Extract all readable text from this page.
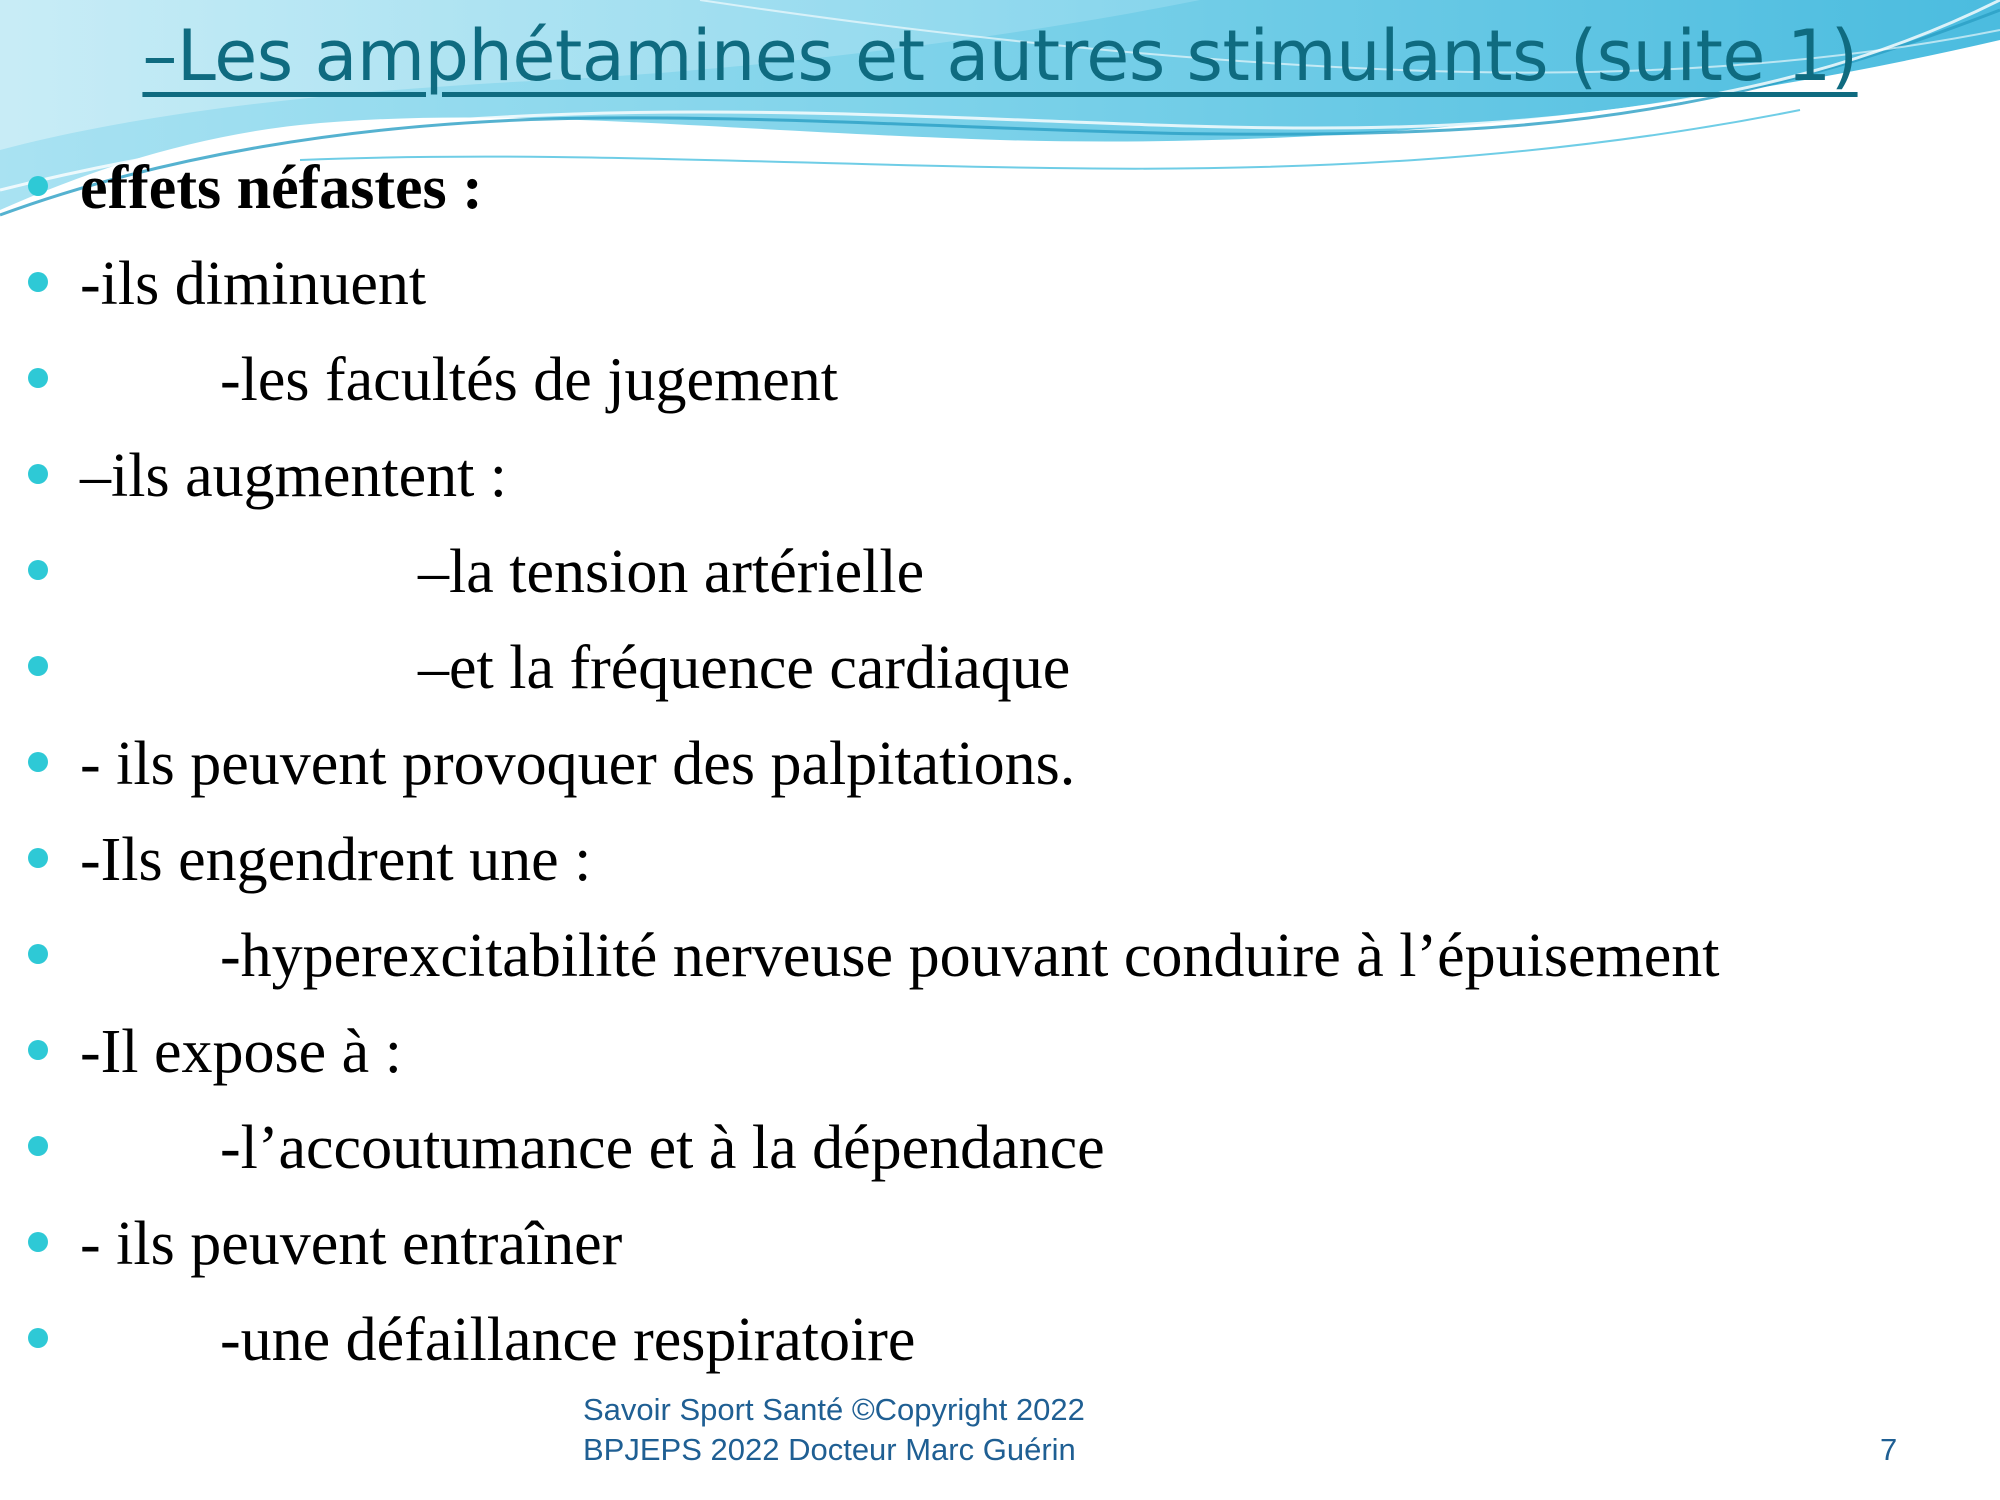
–Les amphétamines et autres stimulants (suite 1)
effets néfastes :
-ils diminuent
-les facultés de jugement
–ils augmentent :
–la tension artérielle
–et la fréquence cardiaque
- ils peuvent provoquer des palpitations.
-Ils engendrent une :
-hyperexcitabilité nerveuse pouvant conduire à l’épuisement
-Il expose à :
-l’accoutumance et à la dépendance
- ils peuvent entraîner
-une défaillance respiratoire
Savoir Sport Santé ©Copyright 2022
BPJEPS 2022 Docteur Marc Guérin	7
